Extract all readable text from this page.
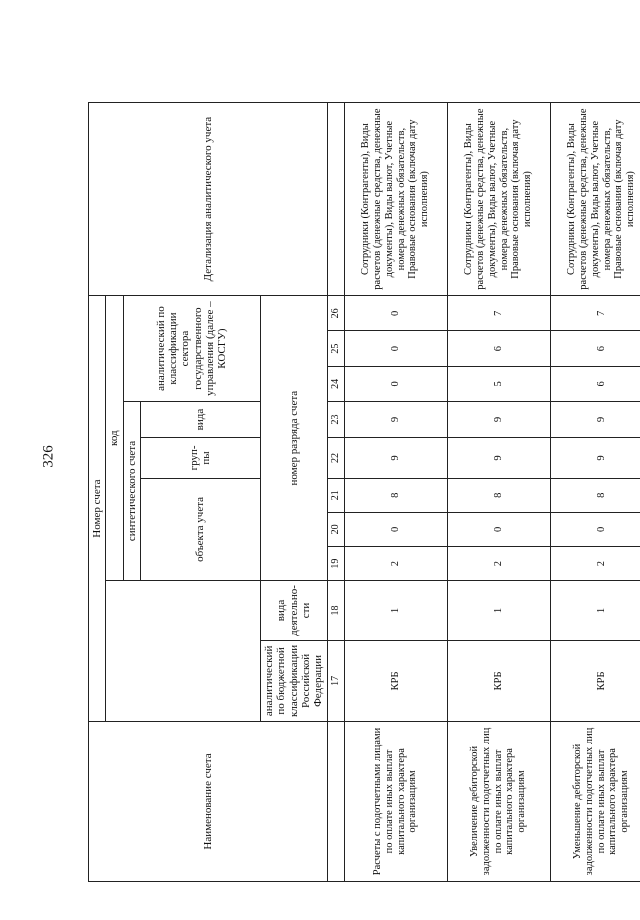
326
Наименование счета	Номер счета										Детализация аналитического учета
			код								
			синтетического счета					аналитический по классификации сектора государственного управления (далее – КОСГУ)			
			объекта учета			груп-пы	вида				
	аналитический по бюджетной классификации Российской Федерации	вида деятельно-сти	номер разряда счета								
	17	18	19	20	21	22	23	24	25	26	
Расчеты с подотчетными лицами по оплате иных выплат капитального характера организациям	КРБ	1	2	0	8	9	9	0	0	0	Сотрудники (Контрагенты), Виды расчетов (денежные средства, денежные документы), Виды валют, Учетные номера денежных обязательств, Правовые основания (включая дату исполнения)
Увеличение дебиторской задолженности подотчетных лиц по оплате иных выплат капитального характера организациям	КРБ	1	2	0	8	9	9	5	6	7	Сотрудники (Контрагенты), Виды расчетов (денежные средства, денежные документы), Виды валют, Учетные номера денежных обязательств, Правовые основания (включая дату исполнения)
Уменьшение дебиторской задолженности подотчетных лиц по оплате иных выплат капитального характера организациям	КРБ	1	2	0	8	9	9	6	6	7	Сотрудники (Контрагенты), Виды расчетов (денежные средства, денежные документы), Виды валют, Учетные номера денежных обязательств, Правовые основания (включая дату исполнения)
